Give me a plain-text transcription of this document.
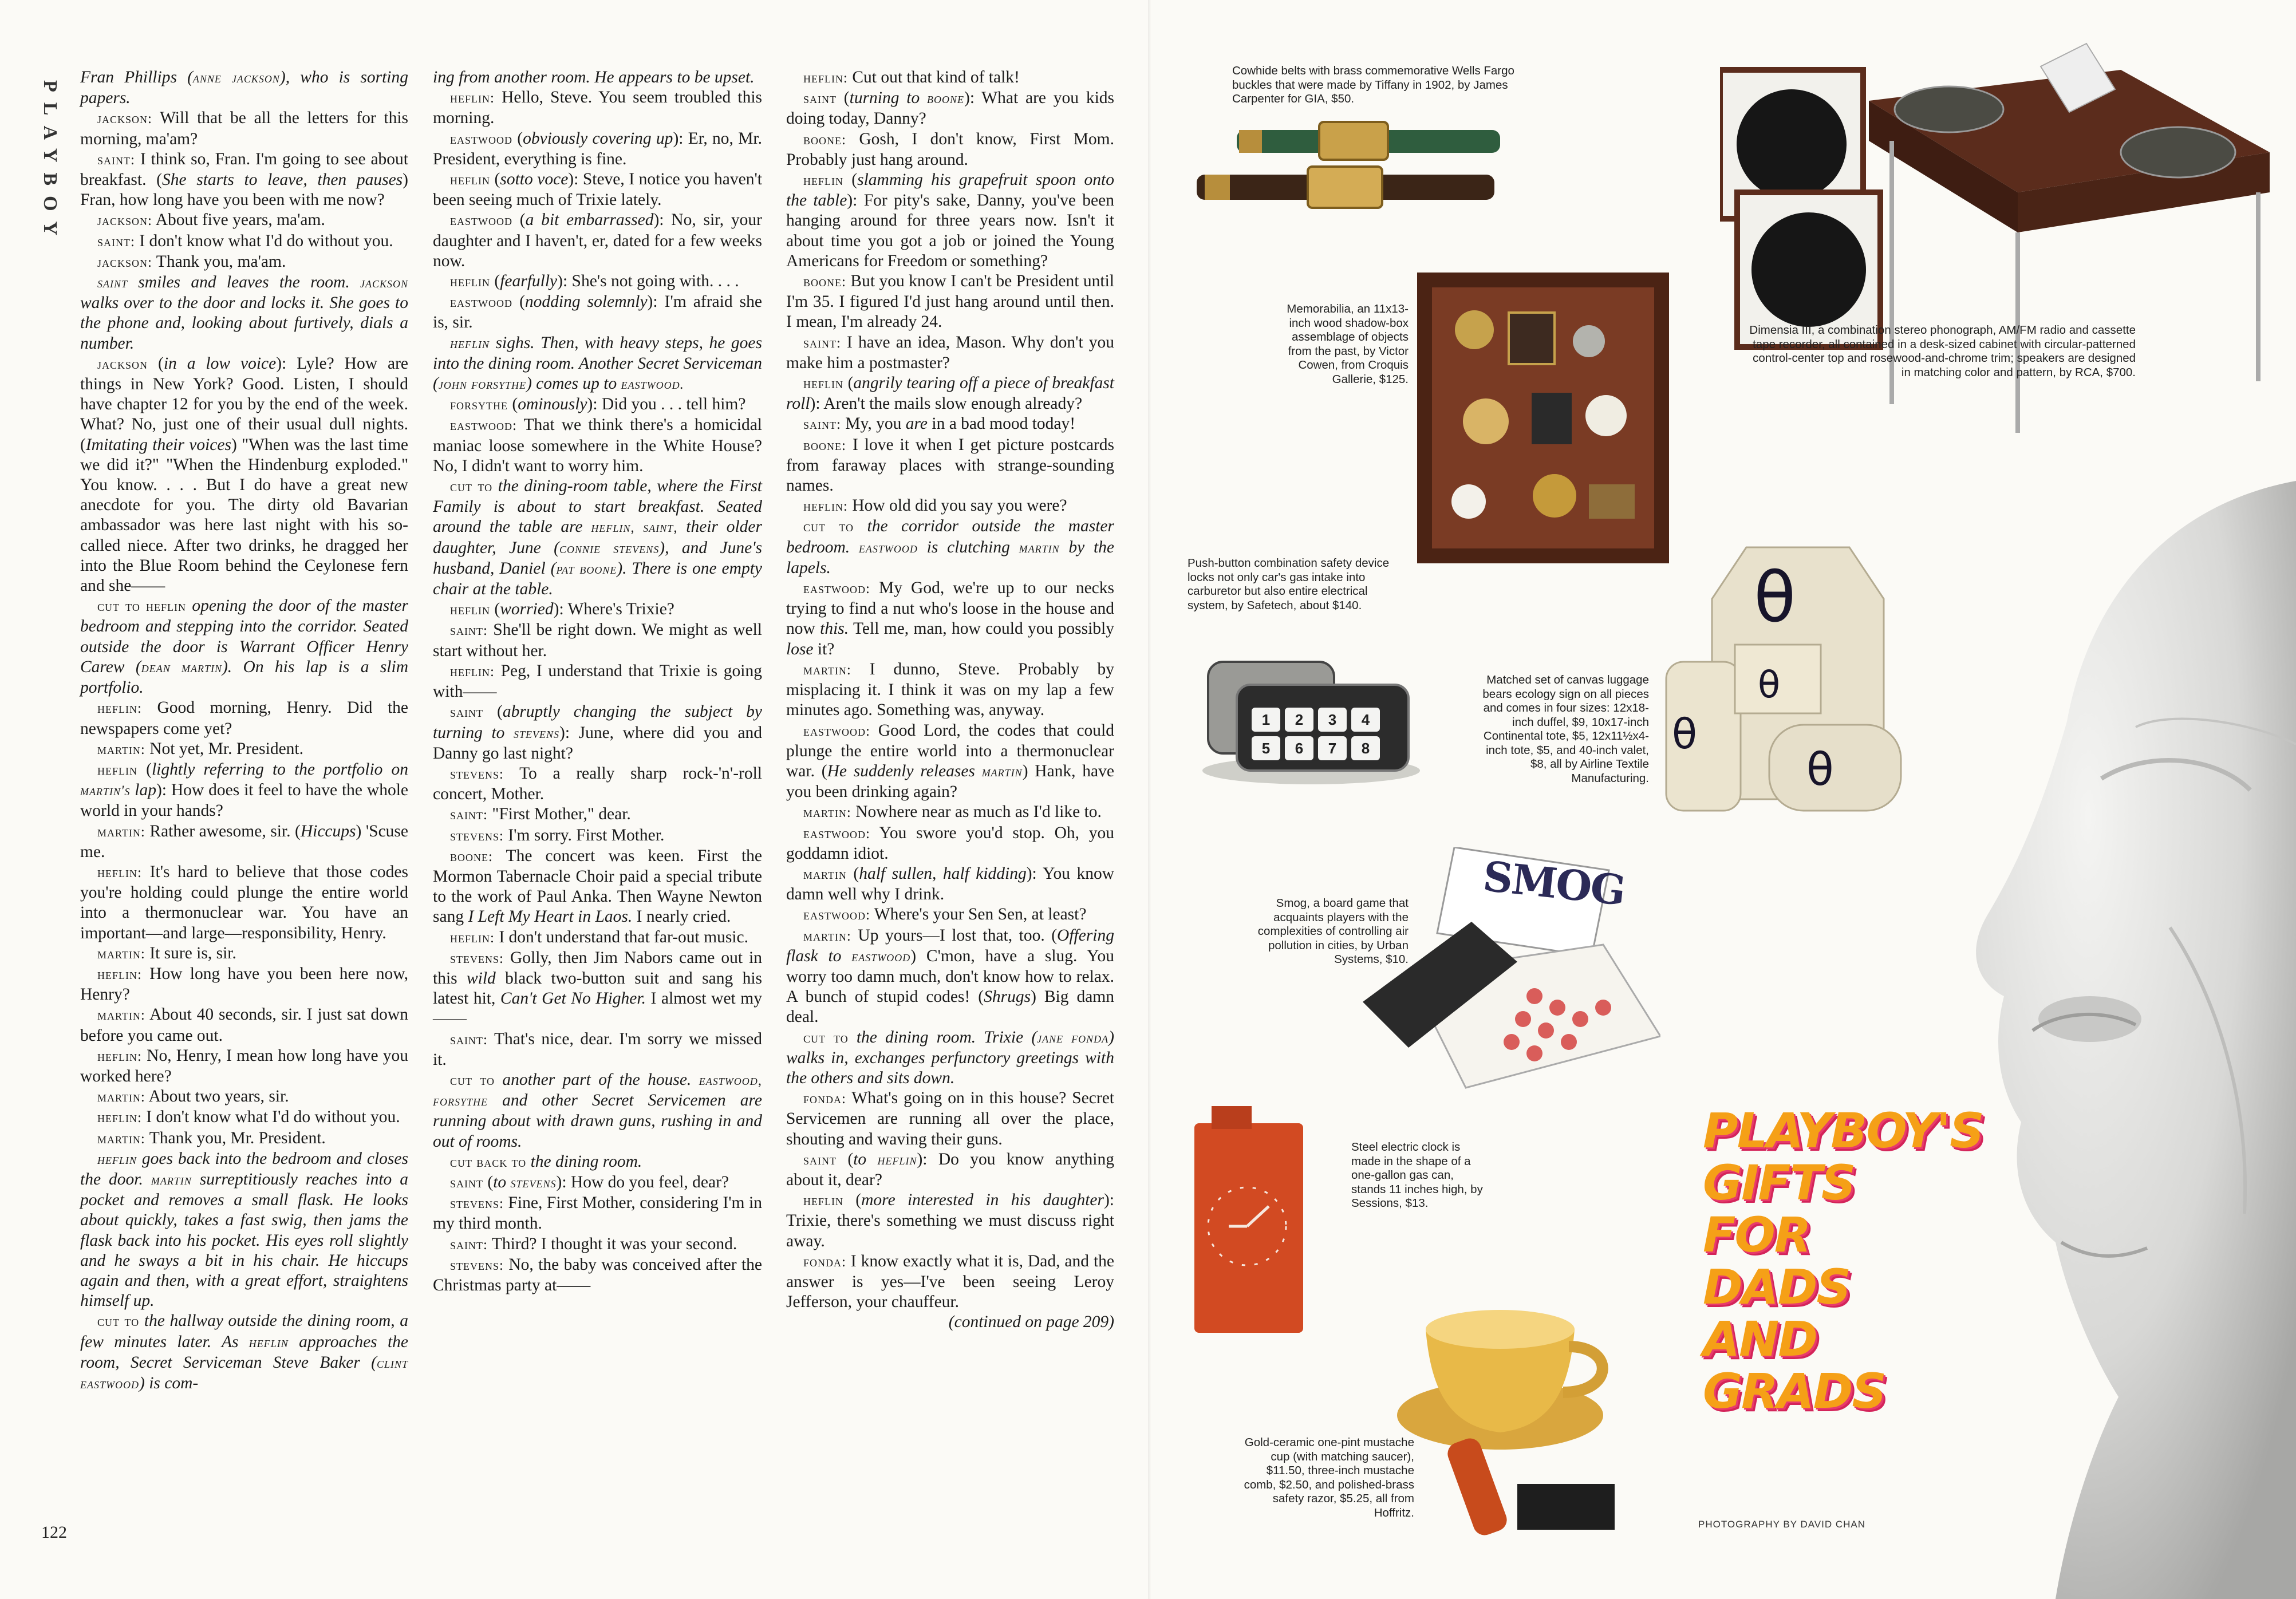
PLAYBOY

Fran Phillips (anne jackson), who is sorting papers.

jackson: Will that be all the letters for this morning, ma'am?

saint: I think so, Fran. I'm going to see about breakfast. (She starts to leave, then pauses) Fran, how long have you been with me now?

jackson: About five years, ma'am.

saint: I don't know what I'd do without you.

jackson: Thank you, ma'am.

saint smiles and leaves the room. jackson walks over to the door and locks it. She goes to the phone and, looking about furtively, dials a number.

jackson (in a low voice): Lyle? How are things in New York? Good. Listen, I should have chapter 12 for you by the end of the week. What? No, just one of their usual dull nights. (Imitating their voices) "When was the last time we did it?" "When the Hindenburg exploded." You know. . . . But I do have a great new anecdote for you. The dirty old Bavarian ambassador was here last night with his so-called niece. After two drinks, he dragged her into the Blue Room behind the Ceylonese fern and she——

cut to heflin opening the door of the master bedroom and stepping into the corridor. Seated outside the door is Warrant Officer Henry Carew (dean martin). On his lap is a slim portfolio.

heflin: Good morning, Henry. Did the newspapers come yet?

martin: Not yet, Mr. President.

heflin (lightly referring to the portfolio on martin's lap): How does it feel to have the whole world in your hands?

martin: Rather awesome, sir. (Hiccups) 'Scuse me.

heflin: It's hard to believe that those codes you're holding could plunge the entire world into a thermonuclear war. You have an important—and large—responsibility, Henry.

martin: It sure is, sir.

heflin: How long have you been here now, Henry?

martin: About 40 seconds, sir. I just sat down before you came out.

heflin: No, Henry, I mean how long have you worked here?

martin: About two years, sir.

heflin: I don't know what I'd do without you.

martin: Thank you, Mr. President.

heflin goes back into the bedroom and closes the door. martin surreptitiously reaches into a pocket and removes a small flask. He looks about quickly, takes a fast swig, then jams the flask back into his pocket. His eyes roll slightly and he sways a bit in his chair. He hiccups again and then, with a great effort, straightens himself up.

cut to the hallway outside the dining room, a few minutes later. As heflin approaches the room, Secret Serviceman Steve Baker (clint eastwood) is com-

ing from another room. He appears to be upset.

heflin: Hello, Steve. You seem troubled this morning.

eastwood (obviously covering up): Er, no, Mr. President, everything is fine.

heflin (sotto voce): Steve, I notice you haven't been seeing much of Trixie lately.

eastwood (a bit embarrassed): No, sir, your daughter and I haven't, er, dated for a few weeks now.

heflin (fearfully): She's not going with. . . .

eastwood (nodding solemnly): I'm afraid she is, sir.

heflin sighs. Then, with heavy steps, he goes into the dining room. Another Secret Serviceman (john forsythe) comes up to eastwood.

forsythe (ominously): Did you . . . tell him?

eastwood: That we think there's a homicidal maniac loose somewhere in the White House? No, I didn't want to worry him.

cut to the dining-room table, where the First Family is about to start breakfast. Seated around the table are heflin, saint, their older daughter, June (connie stevens), and June's husband, Daniel (pat boone). There is one empty chair at the table.

heflin (worried): Where's Trixie?

saint: She'll be right down. We might as well start without her.

heflin: Peg, I understand that Trixie is going with——

saint (abruptly changing the subject by turning to stevens): June, where did you and Danny go last night?

stevens: To a really sharp rock-'n'-roll concert, Mother.

saint: "First Mother," dear.

stevens: I'm sorry. First Mother.

boone: The concert was keen. First the Mormon Tabernacle Choir paid a special tribute to the work of Paul Anka. Then Wayne Newton sang I Left My Heart in Laos. I nearly cried.

heflin: I don't understand that far-out music.

stevens: Golly, then Jim Nabors came out in this wild black two-button suit and sang his latest hit, Can't Get No Higher. I almost wet my——

saint: That's nice, dear. I'm sorry we missed it.

cut to another part of the house. eastwood, forsythe and other Secret Servicemen are running about with drawn guns, rushing in and out of rooms.

cut back to the dining room.

saint (to stevens): How do you feel, dear?

stevens: Fine, First Mother, considering I'm in my third month.

saint: Third? I thought it was your second.

stevens: No, the baby was conceived after the Christmas party at——

heflin: Cut out that kind of talk!

saint (turning to boone): What are you kids doing today, Danny?

boone: Gosh, I don't know, First Mom. Probably just hang around.

heflin (slamming his grapefruit spoon onto the table): For pity's sake, Danny, you've been hanging around for three years now. Isn't it about time you got a job or joined the Young Americans for Freedom or something?

boone: But you know I can't be President until I'm 35. I figured I'd just hang around until then. I mean, I'm already 24.

saint: I have an idea, Mason. Why don't you make him a postmaster?

heflin (angrily tearing off a piece of breakfast roll): Aren't the mails slow enough already?

saint: My, you are in a bad mood today!

boone: I love it when I get picture postcards from faraway places with strange-sounding names.

heflin: How old did you say you were?

cut to the corridor outside the master bedroom. eastwood is clutching martin by the lapels.

eastwood: My God, we're up to our necks trying to find a nut who's loose in the house and now this. Tell me, man, how could you possibly lose it?

martin: I dunno, Steve. Probably by misplacing it. I think it was on my lap a few minutes ago. Something was, anyway.

eastwood: Good Lord, the codes that could plunge the entire world into a thermonuclear war. (He suddenly releases martin) Hank, have you been drinking again?

martin: Nowhere near as much as I'd like to.

eastwood: You swore you'd stop. Oh, you goddamn idiot.

martin (half sullen, half kidding): You know damn well why I drink.

eastwood: Where's your Sen Sen, at least?

martin: Up yours—I lost that, too. (Offering flask to eastwood) C'mon, have a slug. You worry too damn much, don't know how to relax. A bunch of stupid codes! (Shrugs) Big damn deal.

cut to the dining room. Trixie (jane fonda) walks in, exchanges perfunctory greetings with the others and sits down.

fonda: What's going on in this house? Secret Servicemen are running all over the place, shouting and waving their guns.

saint (to heflin): Do you know anything about it, dear?

heflin (more interested in his daughter): Trixie, there's something we must discuss right away.

fonda: I know exactly what it is, Dad, and the answer is yes—I've been seeing Leroy Jefferson, your chauffeur.

(continued on page 209)

122
Cowhide belts with brass commemorative Wells Fargo buckles that were made by Tiffany in 1902, by James Carpenter for GIA, $50.
Dimensia III, a combination stereo phonograph, AM/FM radio and cassette tape recorder, all contained in a desk-sized cabinet with circular-patterned control-center top and rosewood-and-chrome trim; speakers are designed in matching color and pattern, by RCA, $700.
Memorabilia, an 11x13-inch wood shadow-box assemblage of objects from the past, by Victor Cowen, from Croquis Gallerie, $125.
Push-button combination safety device locks not only car's gas intake into carburetor but also entire electrical system, by Safetech, about $140.
1 2 3 45 6 7 8
θ
θ
θ
θ
Matched set of canvas luggage bears ecology sign on all pieces and comes in four sizes: 12x18-inch duffel, $9, 10x17-inch Continental tote, $5, 12x11½x4-inch tote, $5, and 40-inch valet, $8, all by Airline Textile Manufacturing.
Smog, a board game that acquaints players with the complexities of controlling air pollution in cities, by Urban Systems, $10.
SMOG
Steel electric clock is made in the shape of a one-gallon gas can, stands 11 inches high, by Sessions, $13.
Gold-ceramic one-pint mustache cup (with matching saucer), $11.50, three-inch mustache comb, $2.50, and polished-brass safety razor, $5.25, all from Hoffritz.
PLAYBOY'S
GIFTS FOR
DADS AND
GRADS
PHOTOGRAPHY BY DAVID CHAN
